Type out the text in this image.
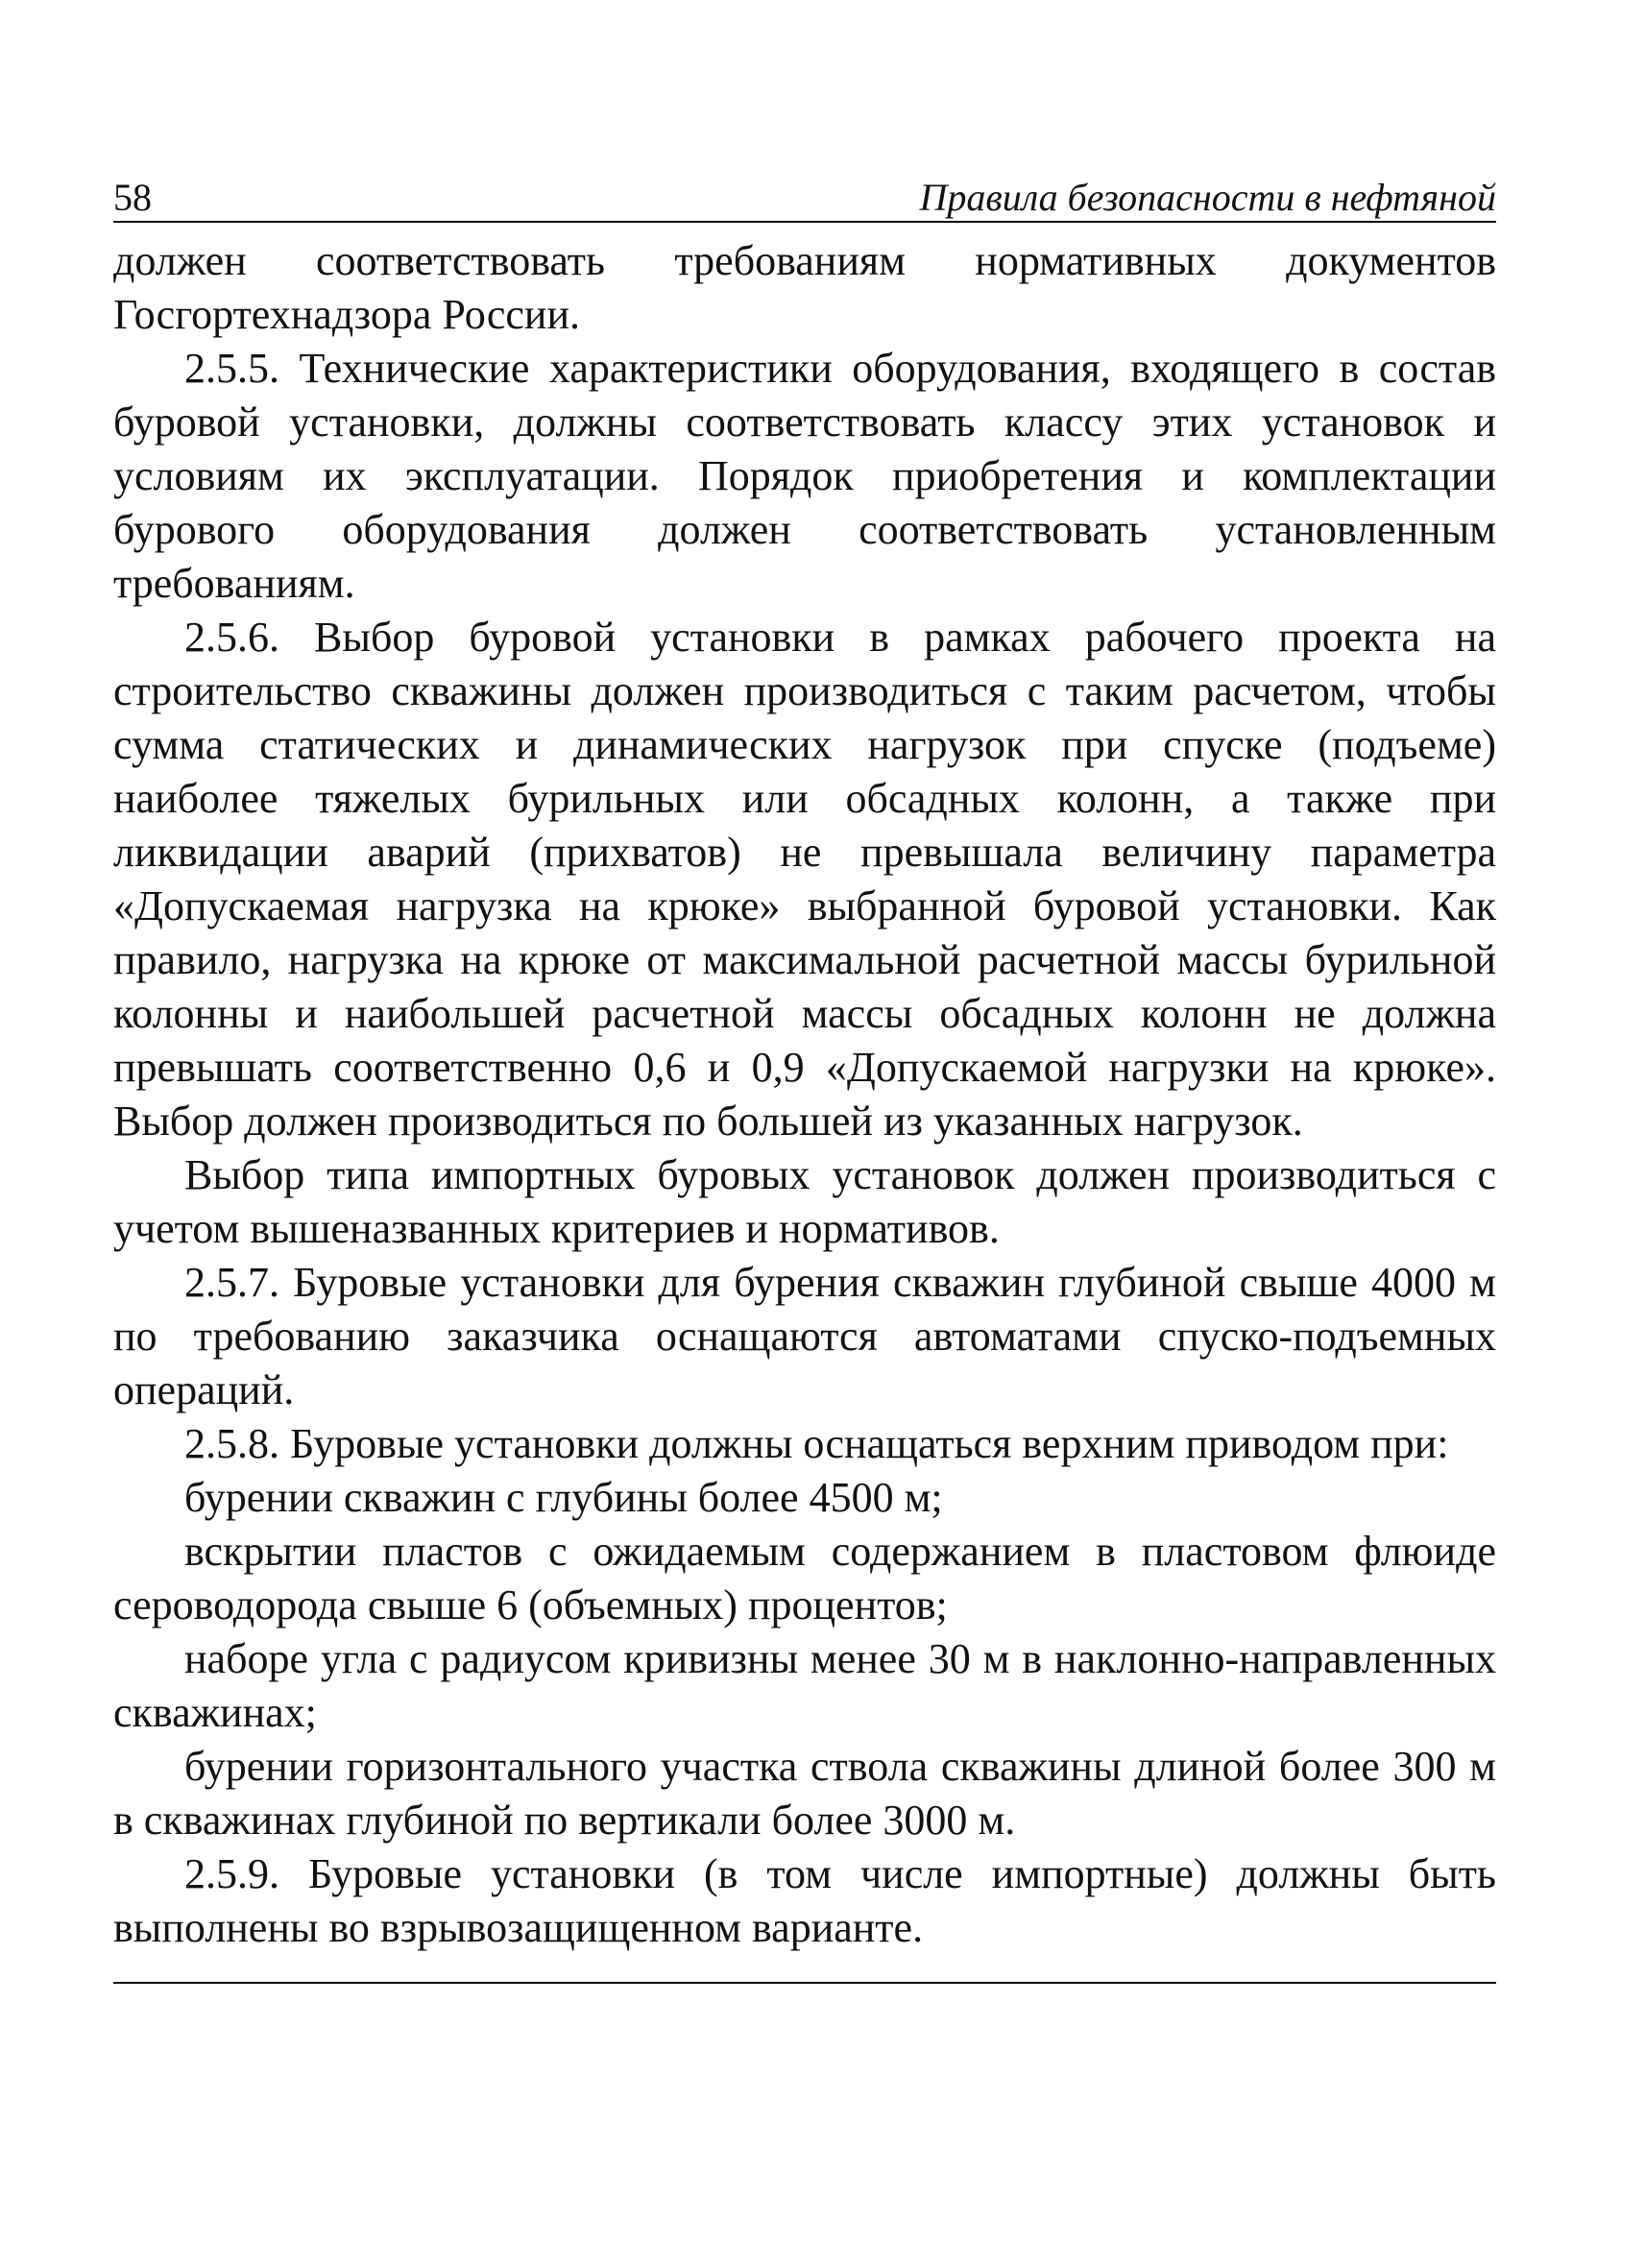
58	Правила безопасности в нефтяной

должен соответствовать требованиям нормативных документов Госгортехнадзора России.

2.5.5. Технические характеристики оборудования, входящего в состав буровой установки, должны соответствовать классу этих установок и условиям их эксплуатации. Порядок приобретения и комплектации бурового оборудования должен соответствовать установленным требованиям.

2.5.6. Выбор буровой установки в рамках рабочего проекта на строительство скважины должен производиться с таким расчетом, чтобы сумма статических и динамических нагрузок при спуске (подъеме) наиболее тяжелых бурильных или обсадных колонн, а также при ликвидации аварий (прихватов) не превышала величину параметра «Допускаемая нагрузка на крюке» выбранной буровой установки. Как правило, нагрузка на крюке от максимальной расчетной массы бурильной колонны и наибольшей расчетной массы обсадных колонн не должна превышать соответственно 0,6 и 0,9 «Допускаемой нагрузки на крюке». Выбор должен производиться по большей из указанных нагрузок.

Выбор типа импортных буровых установок должен производиться с учетом вышеназванных критериев и нормативов.

2.5.7. Буровые установки для бурения скважин глубиной свыше 4000 м по требованию заказчика оснащаются автоматами спуско-подъемных операций.

2.5.8. Буровые установки должны оснащаться верхним приводом при:

бурении скважин с глубины более 4500 м;

вскрытии пластов с ожидаемым содержанием в пластовом флюиде сероводорода свыше 6 (объемных) процентов;

наборе угла с радиусом кривизны менее 30 м в наклонно-направленных скважинах;

бурении горизонтального участка ствола скважины длиной более 300 м в скважинах глубиной по вертикали более 3000 м.

2.5.9. Буровые установки (в том числе импортные) должны быть выполнены во взрывозащищенном варианте.
